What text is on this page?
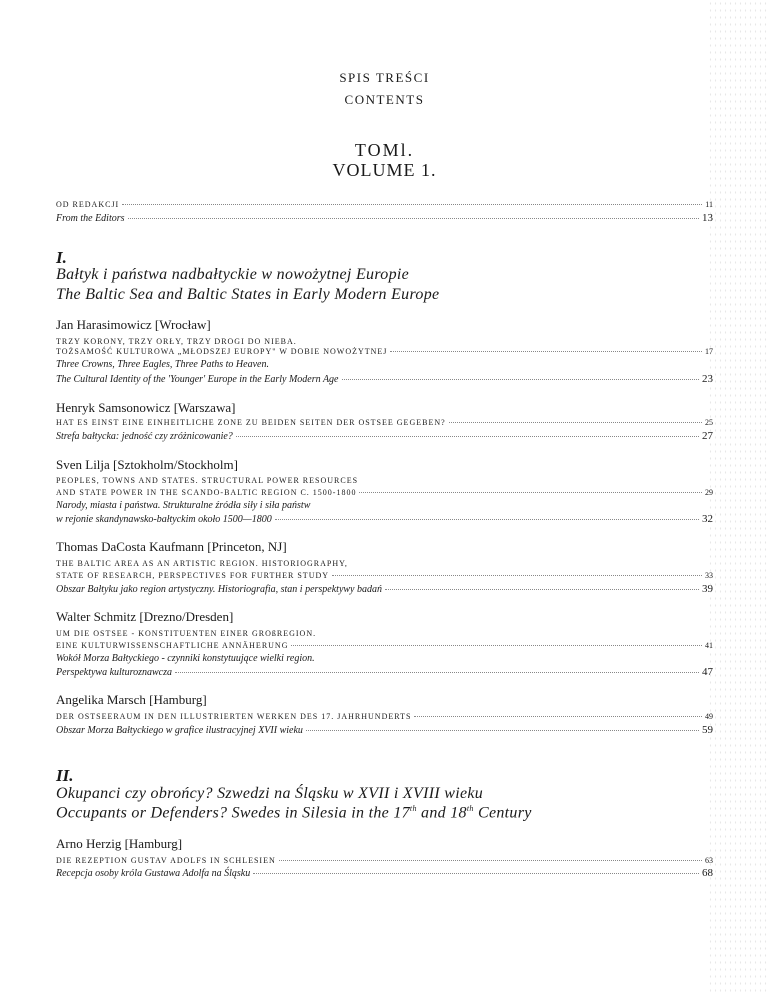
SPIS TREŚCI
CONTENTS
TOMl.
VOLUME 1.
OD REDAKCJI	11
From the Editors	13
I.
Bałtyk i państwa nadbałtyckie w nowożytnej Europie
The Baltic Sea and Baltic States in Early Modern Europe
Jan Harasimowicz [Wrocław]
TRZY KORONY, TRZY ORŁY, TRZY DROGI DO NIEBA.
TOŻSAMOŚĆ KULTUROWA „MŁODSZEJ EUROPY" W DOBIE NOWOŻYTNEJ	17
Three Crowns, Three Eagles, Three Paths to Heaven.
The Cultural Identity of the 'Younger' Europe in the Early Modern Age	23
Henryk Samsonowicz [Warszawa]
HAT ES EINST EINE EINHEITLICHE ZONE ZU BEIDEN SEITEN DER OSTSEE GEGEBEN?	25
Strefa bałtycka: jedność czy zróżnicowanie?	27
Sven Lilja [Sztokholm/Stockholm]
PEOPLES, TOWNS AND STATES. STRUCTURAL POWER RESOURCES
AND STATE POWER IN THE SCANDO-BALTIC REGION C. 1500-1800	29
Narody, miasta i państwa. Strukturalne źródła siły i siła państw
w rejonie skandynawsko-bałtyckim około 1500—1800	32
Thomas DaCosta Kaufmann [Princeton, NJ]
THE BALTIC AREA AS AN ARTISTIC REGION. HISTORIOGRAPHY,
STATE OF RESEARCH, PERSPECTIVES FOR FURTHER STUDY	33
Obszar Bałtyku jako region artystyczny. Historiografia, stan i perspektywy badań	39
Walter Schmitz [Drezno/Dresden]
UM DIE OSTSEE - KONSTITUENTEN EINER GROßREGION.
EINE KULTURWISSENSCHAFTLICHE ANNÄHERUNG	41
Wokół Morza Bałtyckiego - czynniki konstytuujące wielki region.
Perspektywa kulturoznawcza	47
Angelika Marsch [Hamburg]
DER OSTSEERAUM IN DEN ILLUSTRIERTEN WERKEN DES 17. JAHRHUNDERTS	49
Obszar Morza Bałtyckiego w grafice ilustracyjnej XVII wieku	59
II.
Okupanci czy obrońcy? Szwedzi na Śląsku w XVII i XVIII wieku
Occupants or Defenders? Swedes in Silesia in the 17th and 18th Century
Arno Herzig [Hamburg]
DIE REZEPTION GUSTAV ADOLFS IN SCHLESIEN	63
Recepcja osoby króla Gustawa Adolfa na Śląsku	68
